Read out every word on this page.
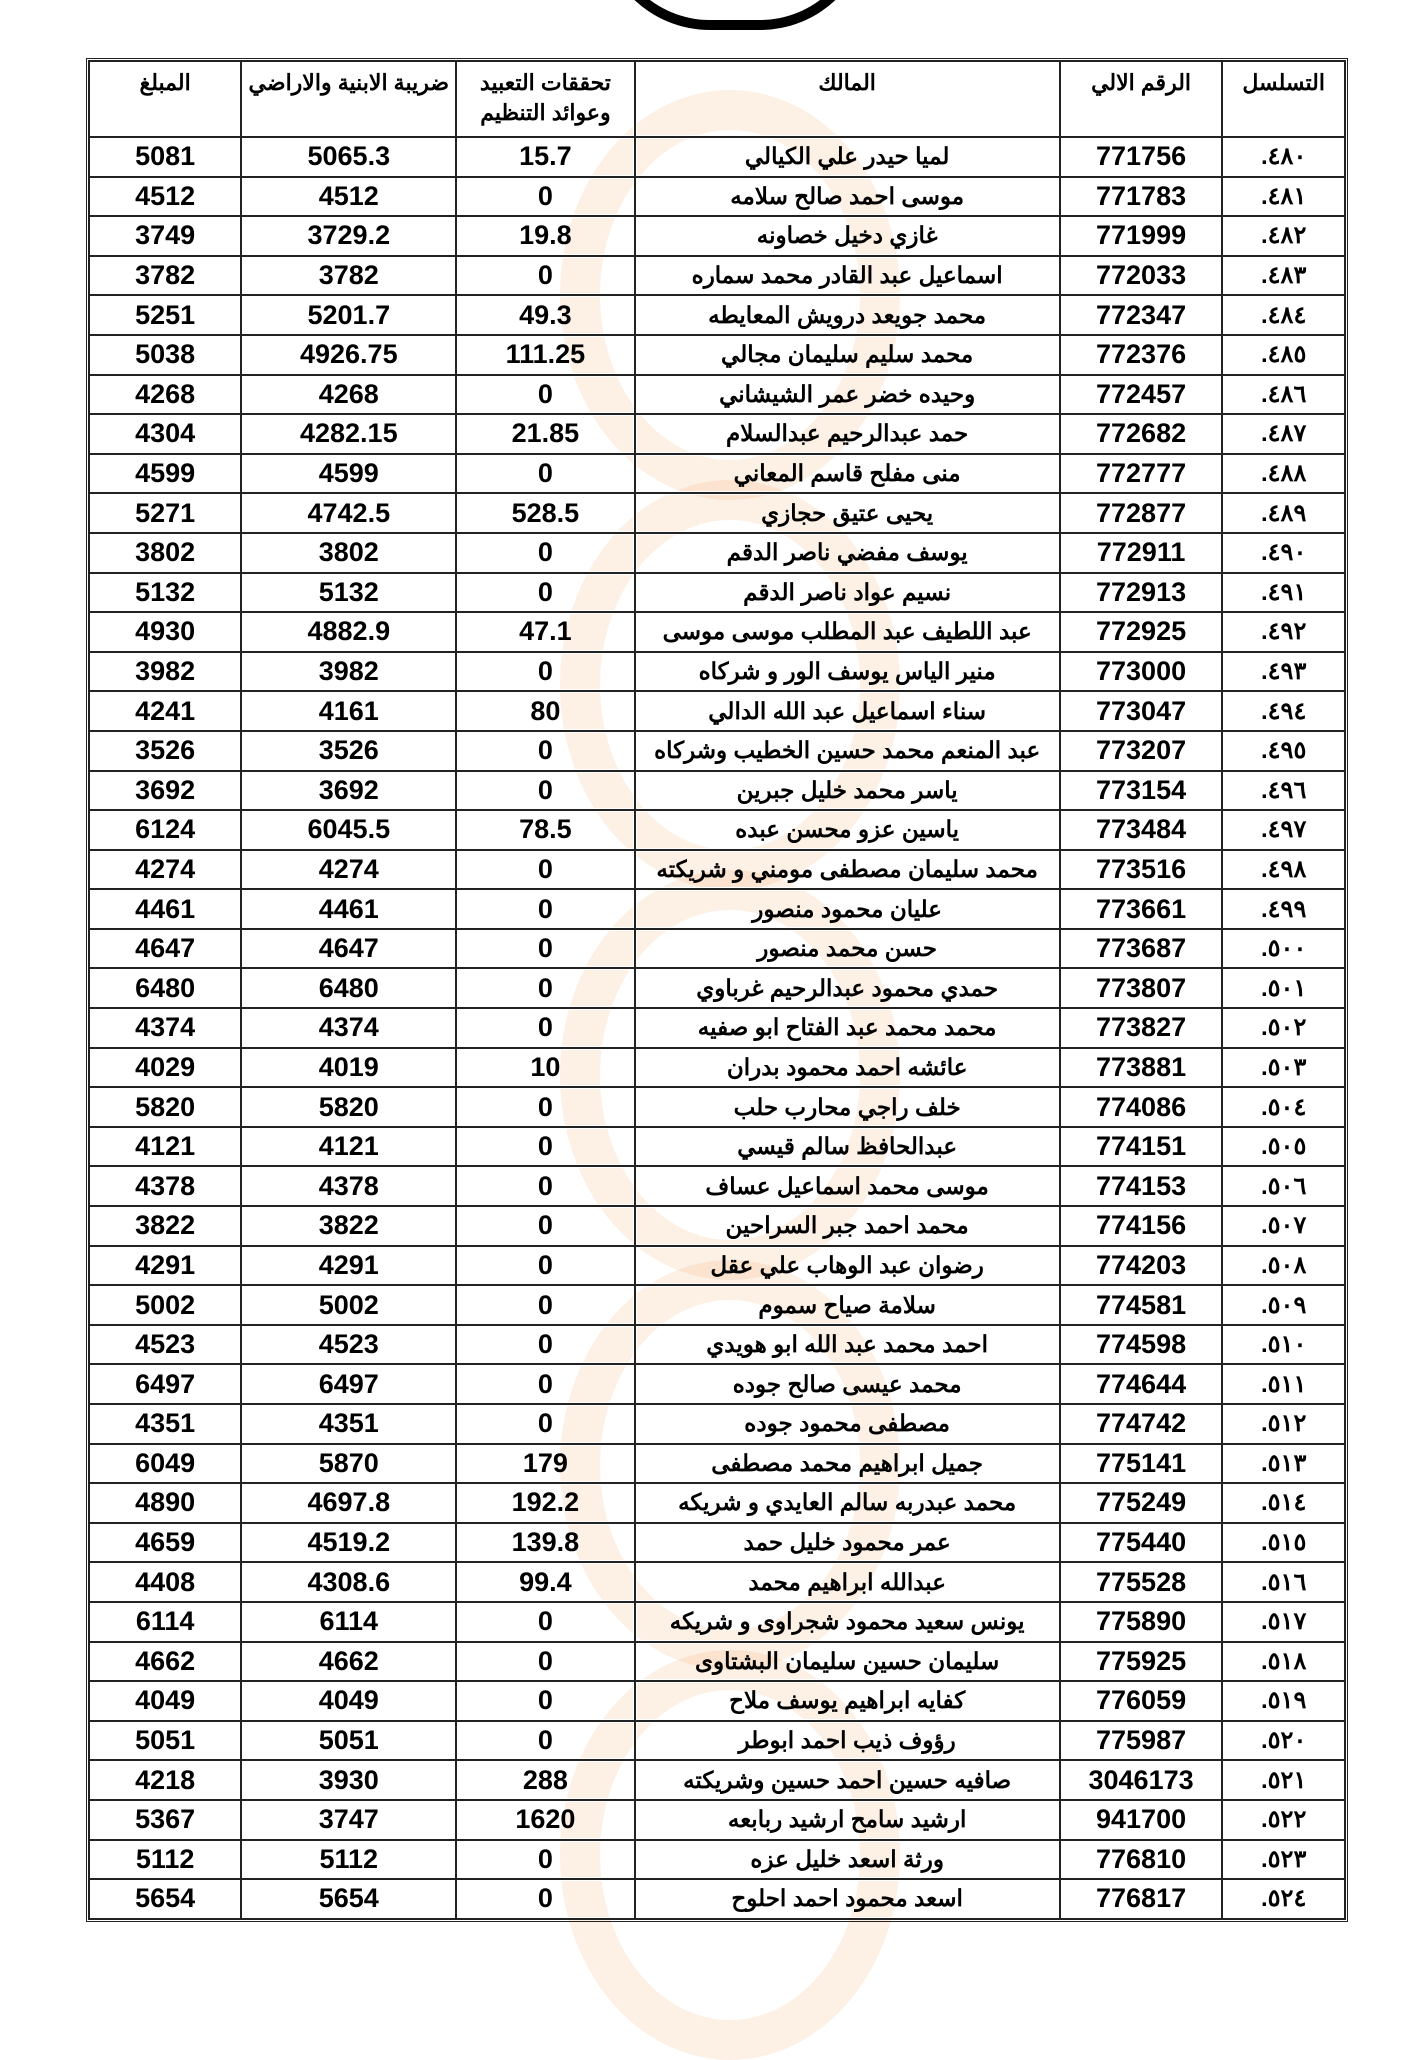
التسلسل	الرقم الالي	المالك	تحققات التعبيد وعوائد التنظيم	ضريبة الابنية والاراضي	المبلغ
٤٨٠.	771756	لميا حيدر علي الكيالي	15.7	5065.3	5081
٤٨١.	771783	موسى احمد صالح سلامه	0	4512	4512
٤٨٢.	771999	غازي دخيل خصاونه	19.8	3729.2	3749
٤٨٣.	772033	اسماعيل عبد القادر محمد سماره	0	3782	3782
٤٨٤.	772347	محمد جويعد درويش المعايطه	49.3	5201.7	5251
٤٨٥.	772376	محمد سليم سليمان مجالي	111.25	4926.75	5038
٤٨٦.	772457	وحيده خضر عمر الشيشاني	0	4268	4268
٤٨٧.	772682	حمد عبدالرحيم عبدالسلام	21.85	4282.15	4304
٤٨٨.	772777	منى مفلح قاسم المعاني	0	4599	4599
٤٨٩.	772877	يحيى عتيق حجازي	528.5	4742.5	5271
٤٩٠.	772911	يوسف مفضي ناصر الدقم	0	3802	3802
٤٩١.	772913	نسيم عواد ناصر الدقم	0	5132	5132
٤٩٢.	772925	عبد اللطيف عبد المطلب موسى موسى	47.1	4882.9	4930
٤٩٣.	773000	منير الياس يوسف الور و شركاه	0	3982	3982
٤٩٤.	773047	سناء اسماعيل عبد الله الدالي	80	4161	4241
٤٩٥.	773207	عبد المنعم محمد حسين الخطيب وشركاه	0	3526	3526
٤٩٦.	773154	ياسر محمد خليل جبرين	0	3692	3692
٤٩٧.	773484	ياسين عزو محسن عبده	78.5	6045.5	6124
٤٩٨.	773516	محمد سليمان مصطفى مومني و شريكته	0	4274	4274
٤٩٩.	773661	عليان محمود منصور	0	4461	4461
٥٠٠.	773687	حسن محمد منصور	0	4647	4647
٥٠١.	773807	حمدي محمود عبدالرحيم غرباوي	0	6480	6480
٥٠٢.	773827	محمد محمد عبد الفتاح ابو صفيه	0	4374	4374
٥٠٣.	773881	عائشه احمد محمود بدران	10	4019	4029
٥٠٤.	774086	خلف راجي محارب حلب	0	5820	5820
٥٠٥.	774151	عبدالحافظ سالم قيسي	0	4121	4121
٥٠٦.	774153	موسى محمد اسماعيل عساف	0	4378	4378
٥٠٧.	774156	محمد احمد جبر السراحين	0	3822	3822
٥٠٨.	774203	رضوان عبد الوهاب علي عقل	0	4291	4291
٥٠٩.	774581	سلامة صياح سموم	0	5002	5002
٥١٠.	774598	احمد محمد عبد الله ابو هويدي	0	4523	4523
٥١١.	774644	محمد عيسى صالح جوده	0	6497	6497
٥١٢.	774742	مصطفى محمود جوده	0	4351	4351
٥١٣.	775141	جميل ابراهيم محمد مصطفى	179	5870	6049
٥١٤.	775249	محمد عبدربه سالم العايدي و شريكه	192.2	4697.8	4890
٥١٥.	775440	عمر محمود خليل حمد	139.8	4519.2	4659
٥١٦.	775528	عبدالله ابراهيم محمد	99.4	4308.6	4408
٥١٧.	775890	يونس سعيد محمود شجراوى و شريكه	0	6114	6114
٥١٨.	775925	سليمان حسين سليمان البشتاوى	0	4662	4662
٥١٩.	776059	كفايه ابراهيم يوسف ملاح	0	4049	4049
٥٢٠.	775987	رؤوف ذيب احمد ابوطر	0	5051	5051
٥٢١.	3046173	صافيه حسين احمد حسين وشريكته	288	3930	4218
٥٢٢.	941700	ارشيد سامح ارشيد ربابعه	1620	3747	5367
٥٢٣.	776810	ورثة اسعد خليل عزه	0	5112	5112
٥٢٤.	776817	اسعد محمود احمد احلوح	0	5654	5654
